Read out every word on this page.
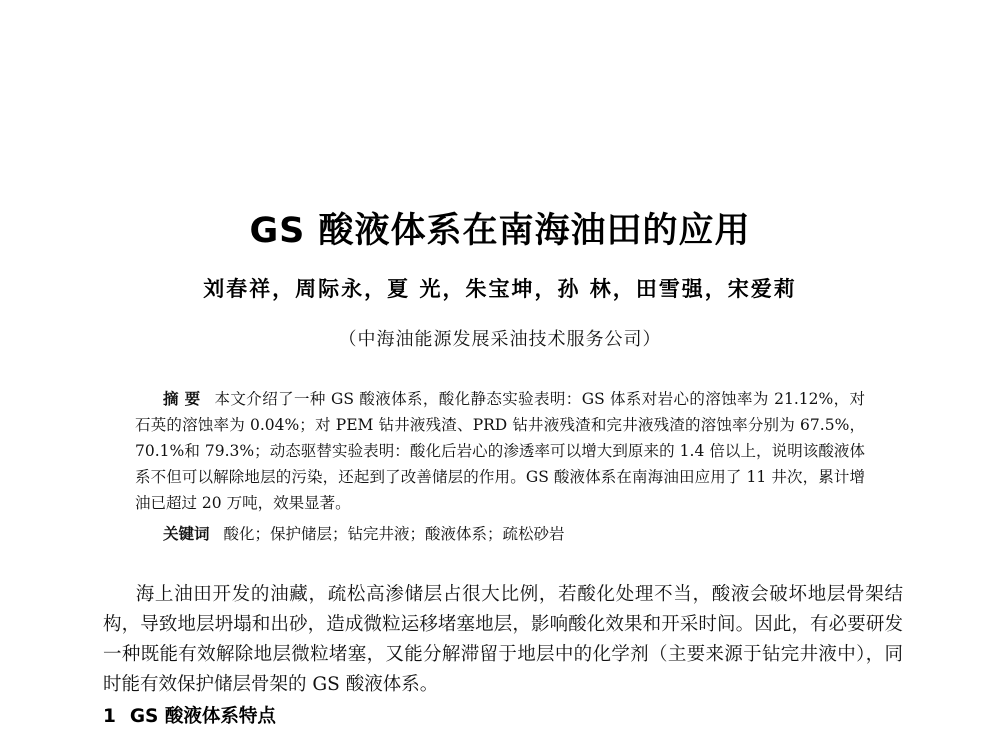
GS 酸液体系在南海油田的应用
刘春祥，周际永，夏 光，朱宝坤，孙 林，田雪强，宋爱莉
（中海油能源发展采油技术服务公司）
摘 要 本文介绍了一种 GS 酸液体系，酸化静态实验表明：GS 体系对岩心的溶蚀率为 21.12%，对石英的溶蚀率为 0.04%；对 PEM 钻井液残渣、PRD 钻井液残渣和完井液残渣的溶蚀率分别为 67.5%，70.1%和 79.3%；动态驱替实验表明：酸化后岩心的渗透率可以增大到原来的 1.4 倍以上，说明该酸液体系不但可以解除地层的污染，还起到了改善储层的作用。GS 酸液体系在南海油田应用了 11 井次，累计增油已超过 20 万吨，效果显著。
关键词 酸化；保护储层；钻完井液；酸液体系；疏松砂岩
海上油田开发的油藏，疏松高渗储层占很大比例，若酸化处理不当，酸液会破坏地层骨架结构，导致地层坍塌和出砂，造成微粒运移堵塞地层，影响酸化效果和开采时间。因此，有必要研发一种既能有效解除地层微粒堵塞，又能分解滞留于地层中的化学剂（主要来源于钻完井液中），同时能有效保护储层骨架的 GS 酸液体系。
1 GS 酸液体系特点
